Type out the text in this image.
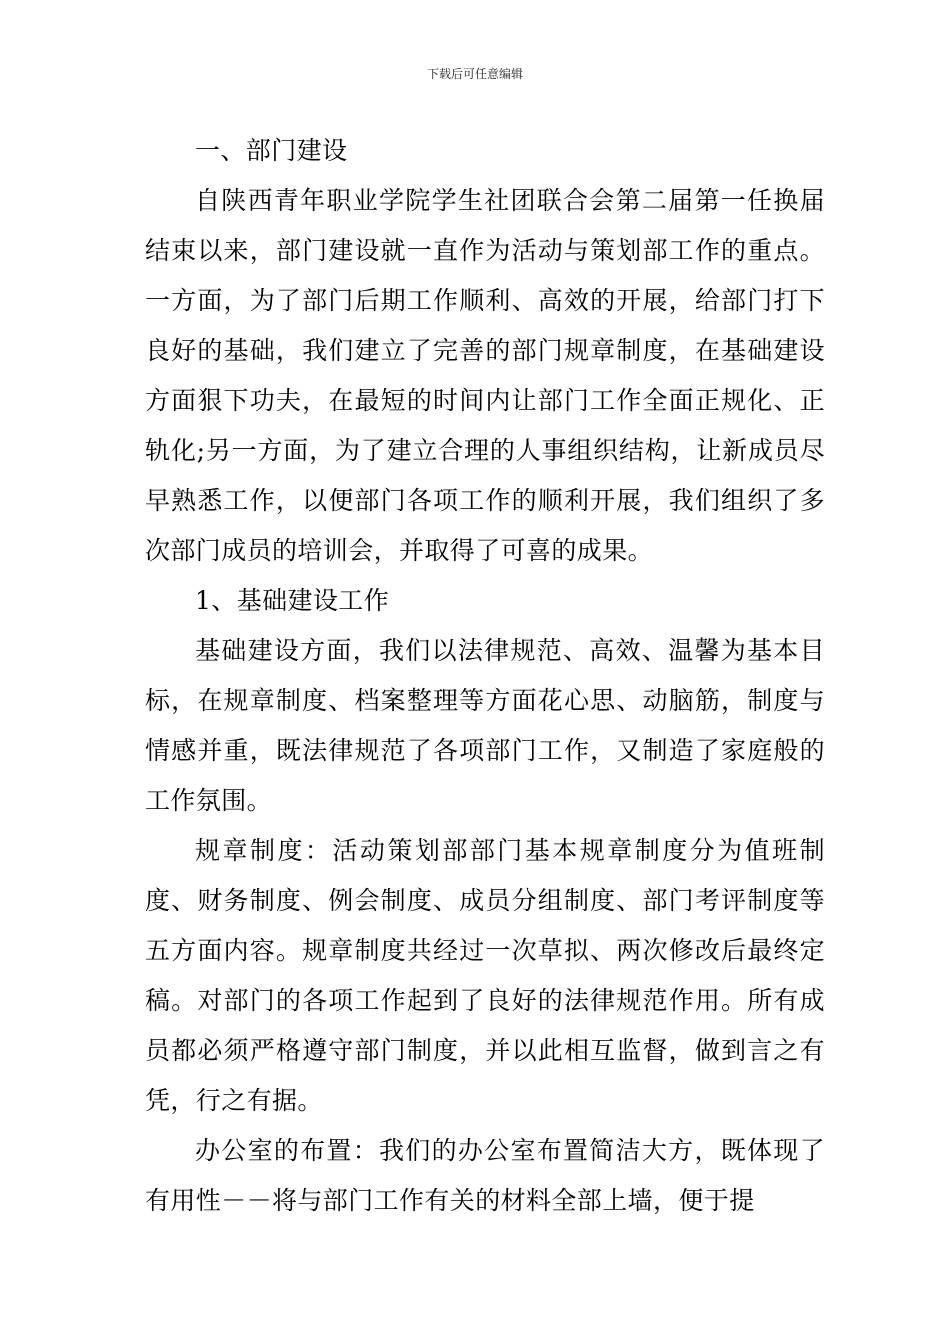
下载后可任意编辑
一、部门建设

自陕西青年职业学院学生社团联合会第二届第一任换届结束以来，部门建设就一直作为活动与策划部工作的重点。一方面，为了部门后期工作顺利、高效的开展，给部门打下良好的基础，我们建立了完善的部门规章制度，在基础建设方面狠下功夫，在最短的时间内让部门工作全面正规化、正轨化;另一方面，为了建立合理的人事组织结构，让新成员尽早熟悉工作，以便部门各项工作的顺利开展，我们组织了多次部门成员的培训会，并取得了可喜的成果。

1、基础建设工作

基础建设方面，我们以法律规范、高效、温馨为基本目标，在规章制度、档案整理等方面花心思、动脑筋，制度与情感并重，既法律规范了各项部门工作，又制造了家庭般的工作氛围。

规章制度：活动策划部部门基本规章制度分为值班制度、财务制度、例会制度、成员分组制度、部门考评制度等五方面内容。规章制度共经过一次草拟、两次修改后最终定稿。对部门的各项工作起到了良好的法律规范作用。所有成员都必须严格遵守部门制度，并以此相互监督，做到言之有凭，行之有据。

办公室的布置：我们的办公室布置简洁大方，既体现了有用性－－将与部门工作有关的材料全部上墙，便于提
